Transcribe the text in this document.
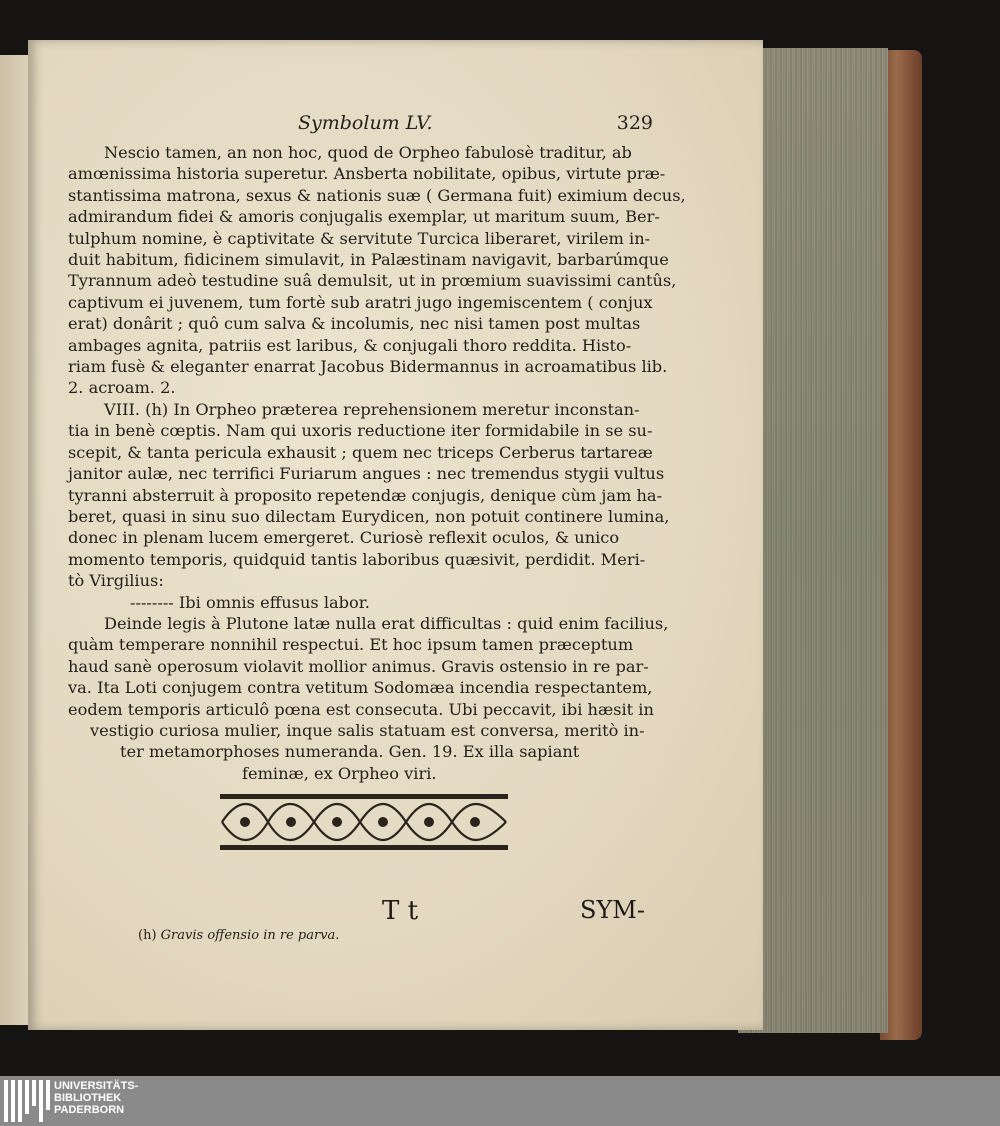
Symbolum LV.	329
Nescio tamen, an non hoc, quod de Orpheo fabulosè traditur, ab
amœnissima historia superetur. Ansberta nobilitate, opibus, virtute præ-
stantissima matrona, sexus & nationis suæ ( Germana fuit) eximium decus,
admirandum fidei & amoris conjugalis exemplar, ut maritum suum, Ber-
tulphum nomine, è captivitate & servitute Turcica liberaret, virilem in-
duit habitum, fidicinem simulavit, in Palæstinam navigavit, barbarúmque
Tyrannum adeò testudine suâ demulsit, ut in prœmium suavissimi cantûs,
captivum ei juvenem, tum fortè sub aratri jugo ingemiscentem ( conjux
erat) donârit ; quô cum salva & incolumis, nec nisi tamen post multas
ambages agnita, patriis est laribus, & conjugali thoro reddita. Histo-
riam fusè & eleganter enarrat Jacobus Bidermannus in acroamatibus lib.
2. acroam. 2.
VIII. (h) In Orpheo præterea reprehensionem meretur inconstan-
tia in benè cœptis. Nam qui uxoris reductione iter formidabile in se su-
scepit, & tanta pericula exhausit ; quem nec triceps Cerberus tartareæ
janitor aulæ, nec terrifici Furiarum angues : nec tremendus stygii vultus
tyranni absterruit à proposito repetendæ conjugis, denique cùm jam ha-
beret, quasi in sinu suo dilectam Eurydicen, non potuit continere lumina,
donec in plenam lucem emergeret. Curiosè reflexit oculos, & unico
momento temporis, quidquid tantis laboribus quæsivit, perdidit. Meri-
tò Virgilius:
-------- Ibi omnis effusus labor.
Deinde legis à Plutone latæ nulla erat difficultas : quid enim facilius,
quàm temperare nonnihil respectui. Et hoc ipsum tamen præceptum
haud sanè operosum violavit mollior animus. Gravis ostensio in re par-
va. Ita Loti conjugem contra vetitum Sodomæa incendia respectantem,
eodem temporis articulô pœna est consecuta. Ubi peccavit, ibi hæsit in
vestigio curiosa mulier, inque salis statuam est conversa, meritò in-
ter metamorphoses numeranda. Gen. 19. Ex illa sapiant
feminæ, ex Orpheo viri.
T t	SYM-
(h) Gravis offensio in re parva.
UNIVERSITÄTS-
BIBLIOTHEK
PADERBORN
